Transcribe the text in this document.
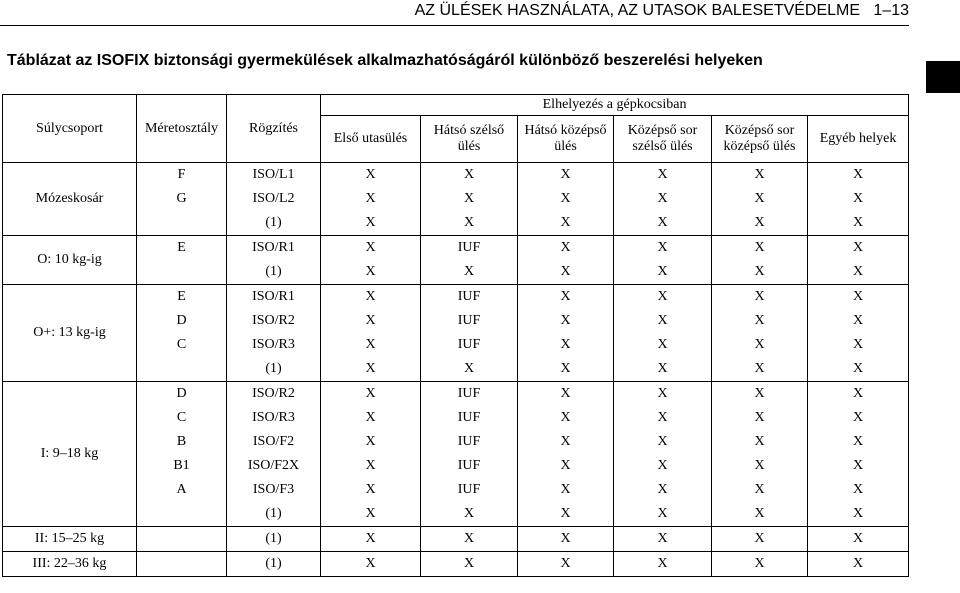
AZ ÜLÉSEK HASZNÁLATA, AZ UTASOK BALESETVÉDELME 1–13
Táblázat az ISOFIX biztonsági gyermekülések alkalmazhatóságáról különböző beszerelési helyeken
Súlycsoport	Méretosztály	Rögzítés	Elhelyezés a gépkocsiban					
			Első utasülés	Hátsó szélső ülés	Hátsó középső ülés	Középső sor szélső ülés	Középső sor középső ülés	Egyéb helyek
Mózeskosár	F	ISO/L1	X	X	X	X	X	X
	G	ISO/L2	X	X	X	X	X	X
		(1)	X	X	X	X	X	X
O: 10 kg-ig	E	ISO/R1	X	IUF	X	X	X	X
		(1)	X	X	X	X	X	X
O+: 13 kg-ig	E	ISO/R1	X	IUF	X	X	X	X
	D	ISO/R2	X	IUF	X	X	X	X
	C	ISO/R3	X	IUF	X	X	X	X
		(1)	X	X	X	X	X	X
I: 9–18 kg	D	ISO/R2	X	IUF	X	X	X	X
	C	ISO/R3	X	IUF	X	X	X	X
	B	ISO/F2	X	IUF	X	X	X	X
	B1	ISO/F2X	X	IUF	X	X	X	X
	A	ISO/F3	X	IUF	X	X	X	X
		(1)	X	X	X	X	X	X
II: 15–25 kg		(1)	X	X	X	X	X	X
III: 22–36 kg		(1)	X	X	X	X	X	X
